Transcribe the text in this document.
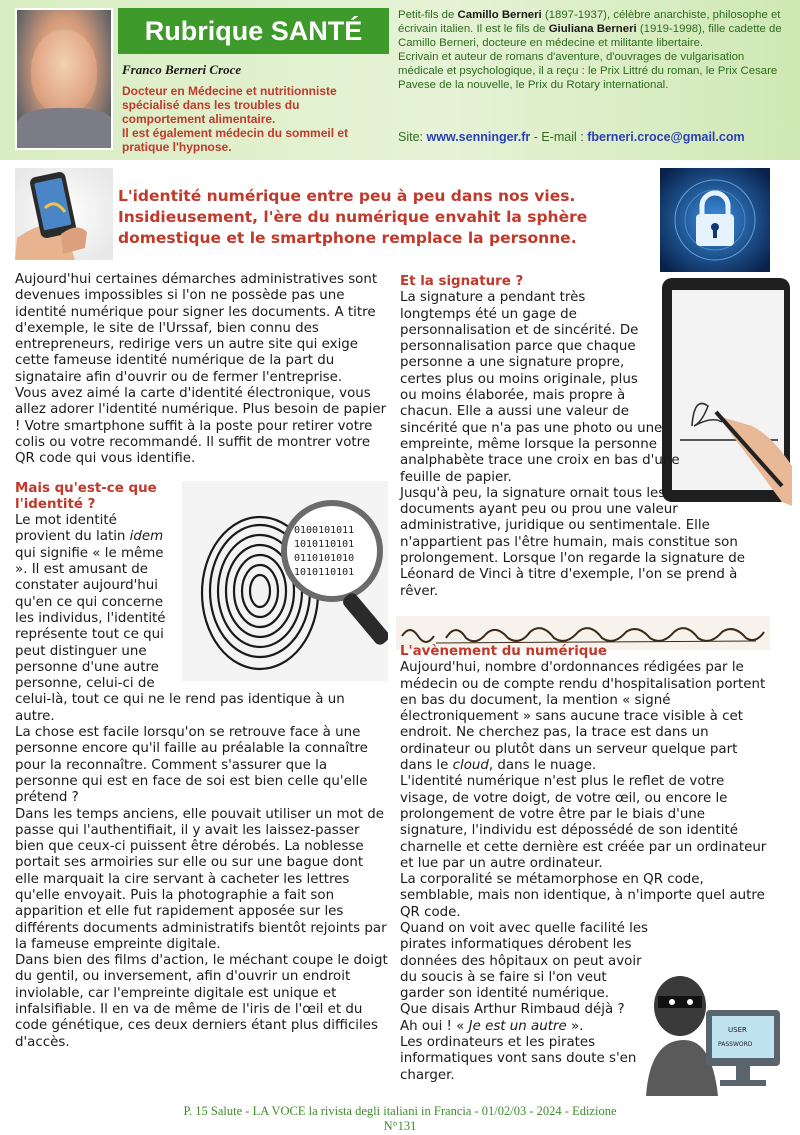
Rubrique SANTÉ
Franco Berneri Croce
Docteur en Médecine et nutritionniste spécialisé dans les troubles du comportement alimentaire.
Il est également médecin du sommeil et pratique l'hypnose.

Petit-fils de Camillo Berneri (1897-1937), célèbre anarchiste, philosophe et écrivain italien. Il est le fils de Giuliana Berneri (1919-1998), fille cadette de Camillo Berneri, docteure en médecine et militante libertaire.

Ecrivain et auteur de romans d'aventure, d'ouvrages de vulgarisation médicale et psychologique, il a reçu : le Prix Littré du roman, le Prix Cesare Pavese de la nouvelle, le Prix du Rotary international.

Site: www.senninger.fr - E-mail : fberneri.croce@gmail.com
L'identité numérique entre peu à peu dans nos vies. Insidieusement, l'ère du numérique envahit la sphère domestique et le smartphone remplace la personne.

Aujourd'hui certaines démarches administratives sont devenues impossibles si l'on ne possède pas une identité numérique pour signer les documents. A titre d'exemple, le site de l'Urssaf, bien connu des entrepreneurs, redirige vers un autre site qui exige cette fameuse identité numérique de la part du signataire afin d'ouvrir ou de fermer l'entreprise.

Vous avez aimé la carte d'identité électronique, vous allez adorer l'identité numérique. Plus besoin de papier ! Votre smartphone suffit à la poste pour retirer votre colis ou votre recommandé. Il suffit de montrer votre QR code qui vous identifie.

0100101011
1010110101
0110101010
1010110101
Mais qu'est-ce que l'identité ?

Le mot identité provient du latin idem qui signifie « le même ». Il est amusant de constater aujourd'hui qu'en ce qui concerne les individus, l'identité représente tout ce qui peut distinguer une personne d'une autre personne, celui-ci de celui-là, tout ce qui ne le rend pas identique à un autre.

La chose est facile lorsqu'on se retrouve face à une personne encore qu'il faille au préalable la connaître pour la reconnaître. Comment s'assurer que la personne qui est en face de soi est bien celle qu'elle prétend ?

Dans les temps anciens, elle pouvait utiliser un mot de passe qui l'authentifiait, il y avait les laissez-passer bien que ceux-ci puissent être dérobés. La noblesse portait ses armoiries sur elle ou sur une bague dont elle marquait la cire servant à cacheter les lettres qu'elle envoyait. Puis la photographie a fait son apparition et elle fut rapidement apposée sur les différents documents administratifs bientôt rejoints par la fameuse empreinte digitale.

Dans bien des films d'action, le méchant coupe le doigt du gentil, ou inversement, afin d'ouvrir un endroit inviolable, car l'empreinte digitale est unique et infalsifiable. Il en va de même de l'iris de l'œil et du code génétique, ces deux derniers étant plus difficiles d'accès.

USER
PASSWORD
Et la signature ?

La signature a pendant très longtemps été un gage de personnalisation et de sincérité. De personnalisation parce que chaque personne a une signature propre, certes plus ou moins originale, plus ou moins élaborée, mais propre à chacun. Elle a aussi une valeur de sincérité que n'a pas une photo ou une empreinte, même lorsque la personne analphabète trace une croix en bas d'une feuille de papier.

Jusqu'à peu, la signature ornait tous les documents ayant peu ou prou une valeur administrative, juridique ou sentimentale. Elle n'appartient pas l'être humain, mais constitue son prolongement. Lorsque l'on regarde la signature de Léonard de Vinci à titre d'exemple, l'on se prend à rêver.

L'avènement du numérique

Aujourd'hui, nombre d'ordonnances rédigées par le médecin ou de compte rendu d'hospitalisation portent en bas du document, la mention « signé électroniquement » sans aucune trace visible à cet endroit. Ne cherchez pas, la trace est dans un ordinateur ou plutôt dans un serveur quelque part dans le cloud, dans le nuage.

L'identité numérique n'est plus le reflet de votre visage, de votre doigt, de votre œil, ou encore le prolongement de votre être par le biais d'une signature, l'individu est dépossédé de son identité charnelle et cette dernière est créée par un ordinateur et lue par un autre ordinateur.

La corporalité se métamorphose en QR code, semblable, mais non identique, à n'importe quel autre QR code.

Quand on voit avec quelle facilité les pirates informatiques dérobent les données des hôpitaux on peut avoir du soucis à se faire si l'on veut garder son identité numérique.

Que disais Arthur Rimbaud déjà ?

Ah oui ! « Je est un autre ».

Les ordinateurs et les pirates informatiques vont sans doute s'en charger.

P. 15 Salute - LA VOCE la rivista degli italiani in Francia - 01/02/03 - 2024 - Edizione N°131
